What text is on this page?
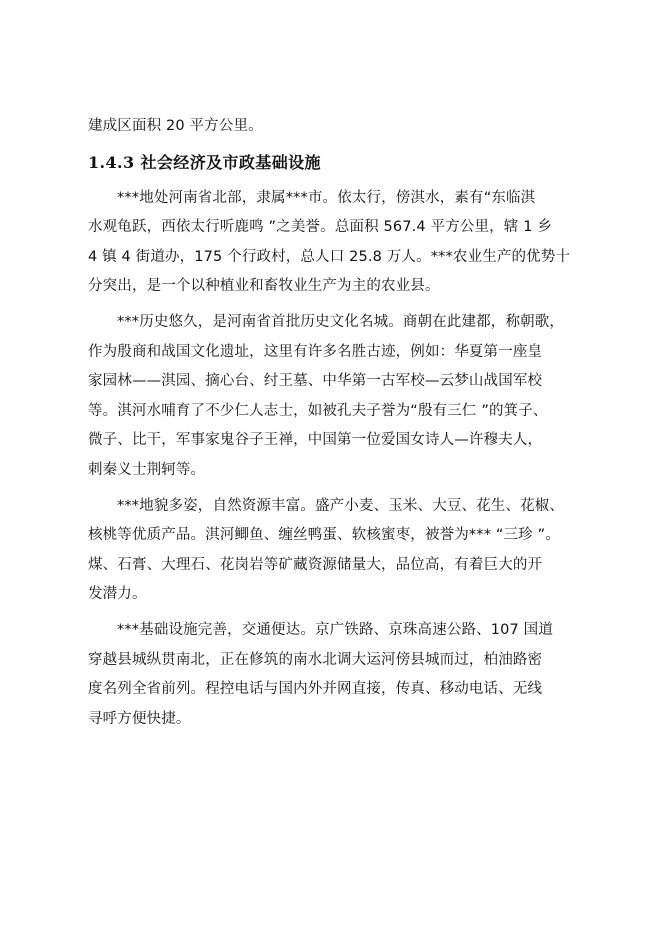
建成区面积 20 平方公里。
1.4.3 社会经济及市政基础设施
***地处河南省北部，隶属***市。依太行，傍淇水，素有“东临淇
水观龟跃，西依太行听鹿鸣 ”之美誉。总面积 567.4 平方公里，辖 1 乡
4 镇 4 街道办，175 个行政村，总人口 25.8 万人。***农业生产的优势十
分突出，是一个以种植业和畜牧业生产为主的农业县。
***历史悠久，是河南省首批历史文化名城。商朝在此建都，称朝歌，
作为殷商和战国文化遗址，这里有许多名胜古迹，例如：华夏第一座皇
家园林——淇园、摘心台、纣王墓、中华第一古军校—云梦山战国军校
等。淇河水哺育了不少仁人志士，如被孔夫子誉为“殷有三仁 ”的箕子、
微子、比干，军事家鬼谷子王禅，中国第一位爱国女诗人—许穆夫人，
刺秦义士荆轲等。
***地貌多姿，自然资源丰富。盛产小麦、玉米、大豆、花生、花椒、
核桃等优质产品。淇河鲫鱼、缠丝鸭蛋、软核蜜枣，被誉为*** “三珍 ”。
煤、石膏、大理石、花岗岩等矿藏资源储量大，品位高，有着巨大的开
发潜力。
***基础设施完善，交通便达。京广铁路、京珠高速公路、107 国道
穿越县城纵贯南北，正在修筑的南水北调大运河傍县城而过，柏油路密
度名列全省前列。程控电话与国内外并网直接，传真、移动电话、无线
寻呼方便快捷。
